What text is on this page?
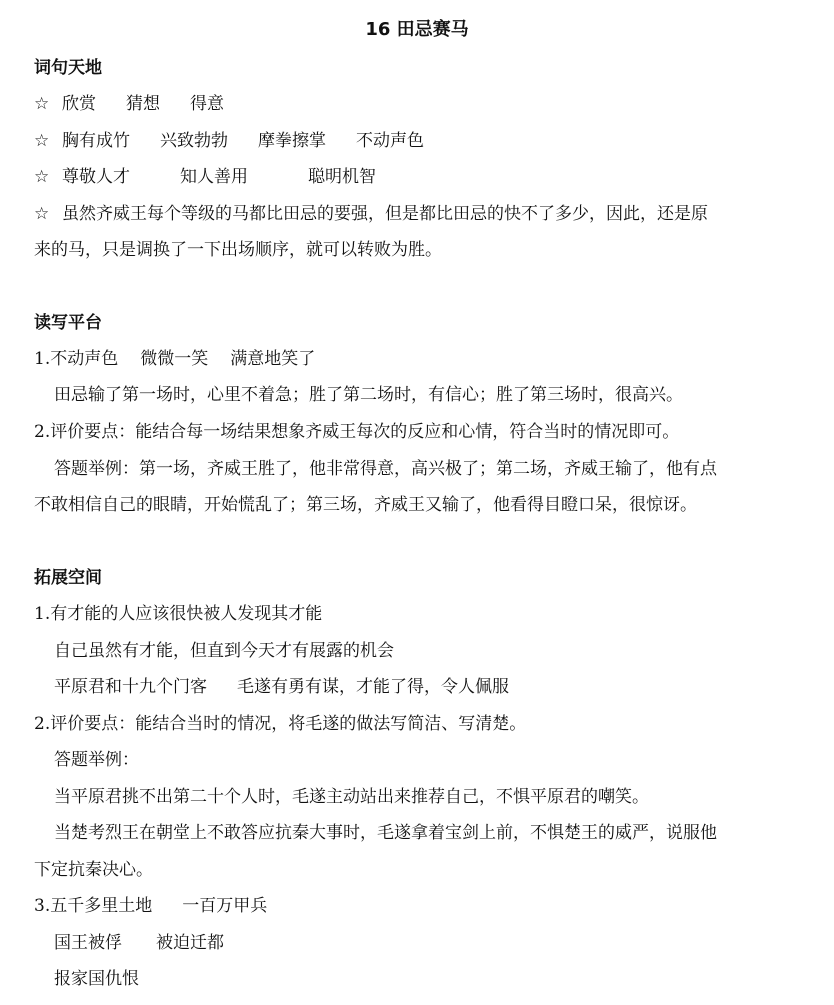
16 田忌赛马
词句天地
☆ 欣赏 猜想 得意
☆ 胸有成竹 兴致勃勃 摩拳擦掌 不动声色
☆ 尊敬人才	知人善用	聪明机智
☆ 虽然齐威王每个等级的马都比田忌的要强，但是都比田忌的快不了多少，因此，还是原
来的马，只是调换了一下出场顺序，就可以转败为胜。
读写平台
1.不动声色 微微一笑 满意地笑了
田忌输了第一场时，心里不着急；胜了第二场时，有信心；胜了第三场时，很高兴。
2.评价要点：能结合每一场结果想象齐威王每次的反应和心情，符合当时的情况即可。
答题举例：第一场，齐威王胜了，他非常得意，高兴极了；第二场，齐威王输了，他有点
不敢相信自己的眼睛，开始慌乱了；第三场，齐威王又输了，他看得目瞪口呆，很惊讶。
拓展空间
1.有才能的人应该很快被人发现其才能
自己虽然有才能，但直到今天才有展露的机会
平原君和十九个门客 毛遂有勇有谋，才能了得，令人佩服
2.评价要点：能结合当时的情况，将毛遂的做法写简洁、写清楚。
答题举例：
当平原君挑不出第二十个人时，毛遂主动站出来推荐自己，不惧平原君的嘲笑。
当楚考烈王在朝堂上不敢答应抗秦大事时，毛遂拿着宝剑上前，不惧楚王的威严，说服他
下定抗秦决心。
3.五千多里土地 一百万甲兵
国王被俘 被迫迁都
报家国仇恨
